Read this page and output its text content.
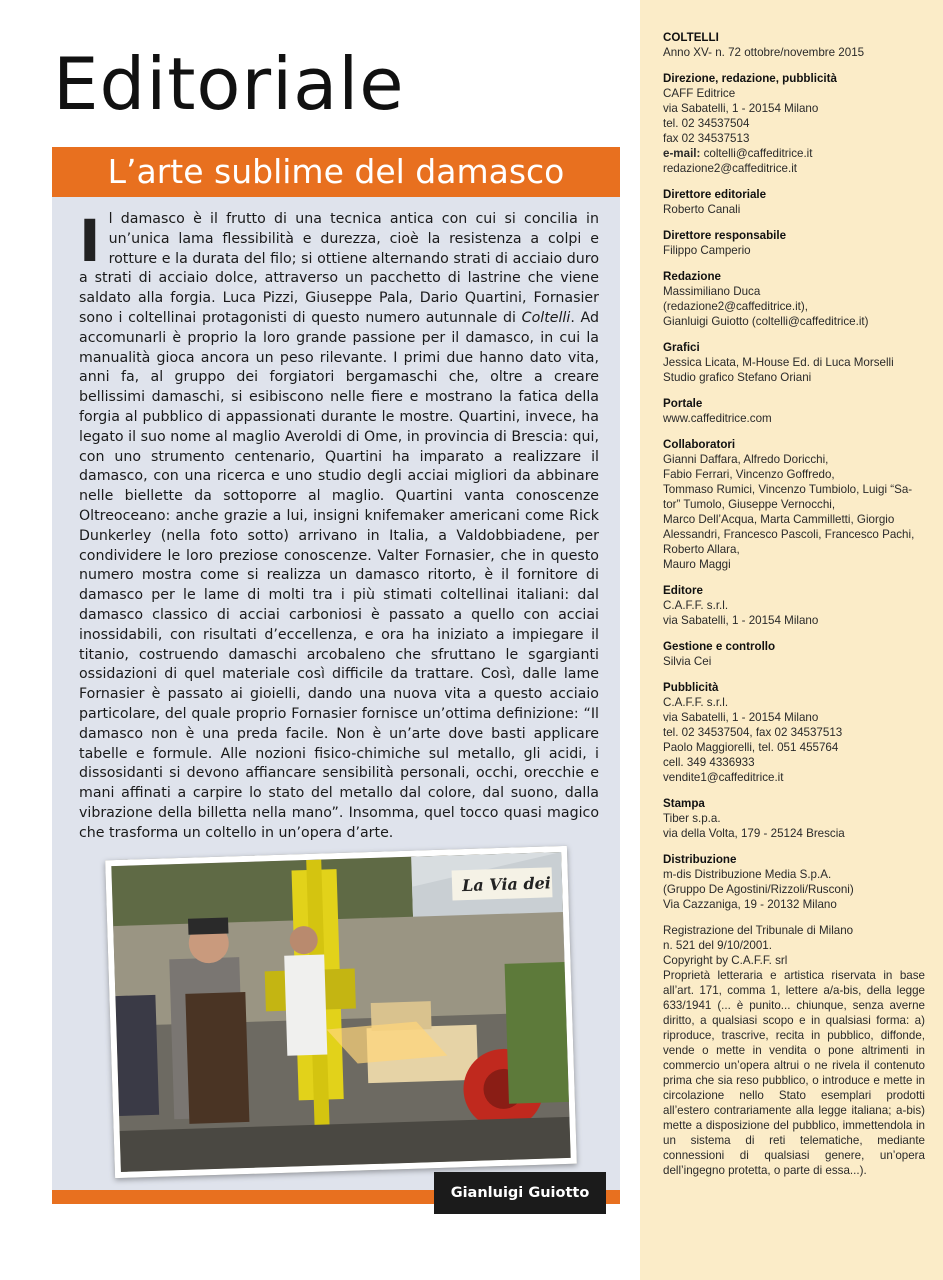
Editoriale
L’arte sublime del damasco

Il damasco è il frutto di una tecnica antica con cui si concilia in un’unica lama flessibilità e durezza, cioè la resistenza a colpi e rotture e la durata del filo; si ottiene alternando strati di acciaio duro a strati di acciaio dolce, attraverso un pacchetto di lastrine che viene saldato alla forgia. Luca Pizzi, Giuseppe Pala, Dario Quartini, Fornasier sono i coltellinai protagonisti di questo numero autunnale di Coltelli. Ad accomunarli è proprio la loro grande passione per il damasco, in cui la manualità gioca ancora un peso rilevante. I primi due hanno dato vita, anni fa, al gruppo dei forgiatori bergamaschi che, oltre a creare bellissimi damaschi, si esibiscono nelle fiere e mostrano la fatica della forgia al pubblico di appassionati durante le mostre. Quartini, invece, ha legato il suo nome al maglio Averoldi di Ome, in provincia di Brescia: qui, con uno strumento centenario, Quartini ha imparato a realizzare il damasco, con una ricerca e uno studio degli acciai migliori da abbinare nelle biellette da sottoporre al maglio. Quartini vanta conoscenze Oltreoceano: anche grazie a lui, insigni knifemaker americani come Rick Dunkerley (nella foto sotto) arrivano in Italia, a Valdobbiadene, per condividere le loro preziose conoscenze. Valter Fornasier, che in questo numero mostra come si realizza un damasco ritorto, è il fornitore di damasco per le lame di molti tra i più stimati coltellinai italiani: dal damasco classico di acciai carboniosi è passato a quello con acciai inossidabili, con risultati d’eccellenza, e ora ha iniziato a impiegare il titanio, costruendo damaschi arcobaleno che sfruttano le sgargianti ossidazioni di quel materiale così difficile da trattare. Così, dalle lame Fornasier è passato ai gioielli, dando una nuova vita a questo acciaio particolare, del quale proprio Fornasier fornisce un’ottima definizione: “Il damasco non è una preda facile. Non è un’arte dove basti applicare tabelle e formule. Alle nozioni fisico-chimiche sul metallo, gli acidi, i dissosidanti si devono affiancare sensibilità personali, occhi, orecchie e mani affinati a carpire lo stato del metallo dal colore, dal suono, dalla vibrazione della billetta nella mano”. Insomma, quel tocco quasi magico che trasforma un coltello in un’opera d’arte.

La Via dei
Gianluigi Guiotto
COLTELLI
Anno XV- n. 72 ottobre/novembre 2015
Direzione, redazione, pubblicità
CAFF Editrice
via Sabatelli, 1 - 20154 Milano
tel. 02 34537504
fax 02 34537513
e-mail: coltelli@caffeditrice.it
redazione2@caffeditrice.it
Direttore editoriale
Roberto Canali
Direttore responsabile
Filippo Camperio
Redazione
Massimiliano Duca
(redazione2@caffeditrice.it),
Gianluigi Guiotto (coltelli@caffeditrice.it)
Grafici
Jessica Licata, M-House Ed. di Luca Morselli
Studio grafico Stefano Oriani
Portale
www.caffeditrice.com
Collaboratori
Gianni Daffara, Alfredo Doricchi,
Fabio Ferrari, Vincenzo Goffredo,
Tommaso Rumici, Vincenzo Tumbiolo, Luigi “Sa-
tor” Tumolo, Giuseppe Vernocchi,
Marco Dell’Acqua, Marta Cammilletti, Giorgio
Alessandri, Francesco Pascoli, Francesco Pachi,
Roberto Allara,
Mauro Maggi
Editore
C.A.F.F. s.r.l.
via Sabatelli, 1 - 20154 Milano
Gestione e controllo
Silvia Cei
Pubblicità
C.A.F.F. s.r.l.
via Sabatelli, 1 - 20154 Milano
tel. 02 34537504, fax 02 34537513
Paolo Maggiorelli, tel. 051 455764
cell. 349 4336933
vendite1@caffeditrice.it
Stampa
Tiber s.p.a.
via della Volta, 179 - 25124 Brescia
Distribuzione
m-dis Distribuzione Media S.p.A.
(Gruppo De Agostini/Rizzoli/Rusconi)
Via Cazzaniga, 19 - 20132 Milano
Registrazione del Tribunale di Milano
n. 521 del 9/10/2001.
Copyright by C.A.F.F. srl
Proprietà letteraria e artistica riservata in base all’art. 171, comma 1, lettere a/a-bis, della legge 633/1941 (... è punito... chiunque, senza averne diritto, a qualsiasi scopo e in qualsiasi forma: a) riproduce, trascrive, recita in pubblico, diffonde, vende o mette in vendita o pone altrimenti in commercio un’opera altrui o ne rivela il contenuto prima che sia reso pubblico, o introduce e mette in circolazione nello Stato esemplari prodotti all’estero contrariamente alla legge italiana; a-bis) mette a disposizione del pubblico, immettendola in un sistema di reti telematiche, mediante connessioni di qualsiasi genere, un’opera dell’ingegno protetta, o parte di essa...).
